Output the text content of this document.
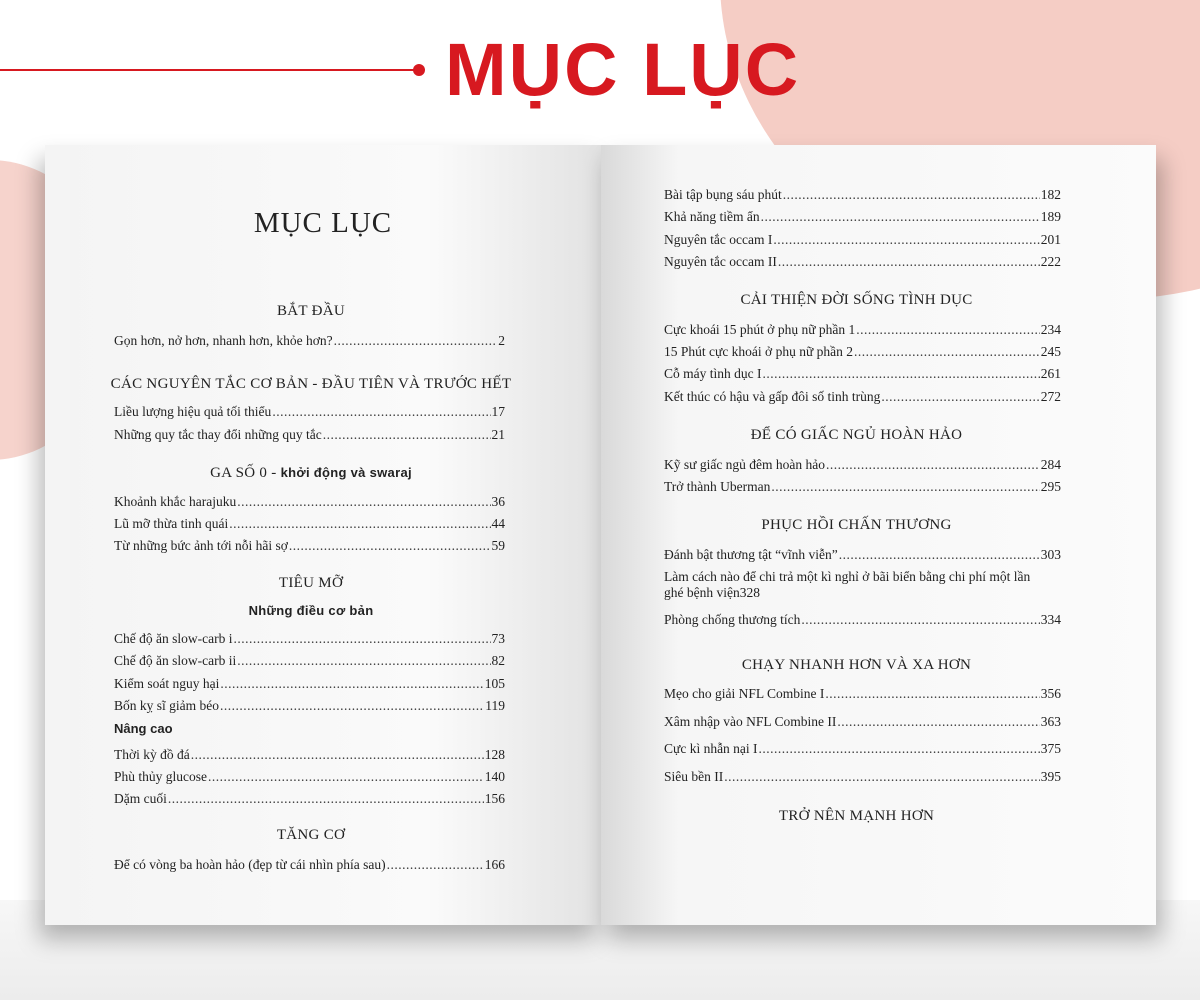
MỤC LỤC
MỤC LỤC
BẮT ĐẦU
Gọn hơn, nở hơn, nhanh hơn, khỏe hơn? .....	2
CÁC NGUYÊN TẮC CƠ BẢN - ĐẦU TIÊN VÀ TRƯỚC HẾT
Liều lượng hiệu quả tối thiểu .....	17
Những quy tắc thay đổi những quy tắc .....	21
GA SỐ 0 - khởi động và swaraj
Khoảnh khắc harajuku .....	36
Lũ mỡ thừa tinh quái .....	44
Từ những bức ảnh tới nỗi hãi sợ .....	59
TIÊU MỠ
Những điều cơ bản
Chế độ ăn slow-carb i .....	73
Chế độ ăn slow-carb ii .....	82
Kiểm soát nguy hại .....	105
Bốn kỵ sĩ giảm béo .....	119
Nâng cao
Thời kỳ đồ đá .....	128
Phù thủy glucose .....	140
Dặm cuối .....	156
TĂNG CƠ
Để có vòng ba hoàn hảo (đẹp từ cái nhìn phía sau) .....	166
Bài tập bụng sáu phút .....	182
Khả năng tiềm ẩn .....	189
Nguyên tắc occam I .....	201
Nguyên tắc occam II .....	222
CẢI THIỆN ĐỜI SỐNG TÌNH DỤC
Cực khoái 15 phút ở phụ nữ phần 1 .....	234
15 Phút cực khoái ở phụ nữ phần 2 .....	245
Cỗ máy tình dục I .....	261
Kết thúc có hậu và gấp đôi số tinh trùng .....	272
ĐỂ CÓ GIẤC NGỦ HOÀN HẢO
Kỹ sư giấc ngủ đêm hoàn hảo .....	284
Trở thành Uberman .....	295
PHỤC HỒI CHẤN THƯƠNG
Đánh bật thương tật “vĩnh viễn” .....	303
Làm cách nào để chi trả một kì nghỉ ở bãi biển bằng chi phí một lần
ghé bệnh viện 328
Phòng chống thương tích .....	334
CHẠY NHANH HƠN VÀ XA HƠN
Mẹo cho giải NFL Combine I .....	356
Xâm nhập vào NFL Combine II .....	363
Cực kì nhẫn nại I .....	375
Siêu bền II .....	395
TRỞ NÊN MẠNH HƠN
